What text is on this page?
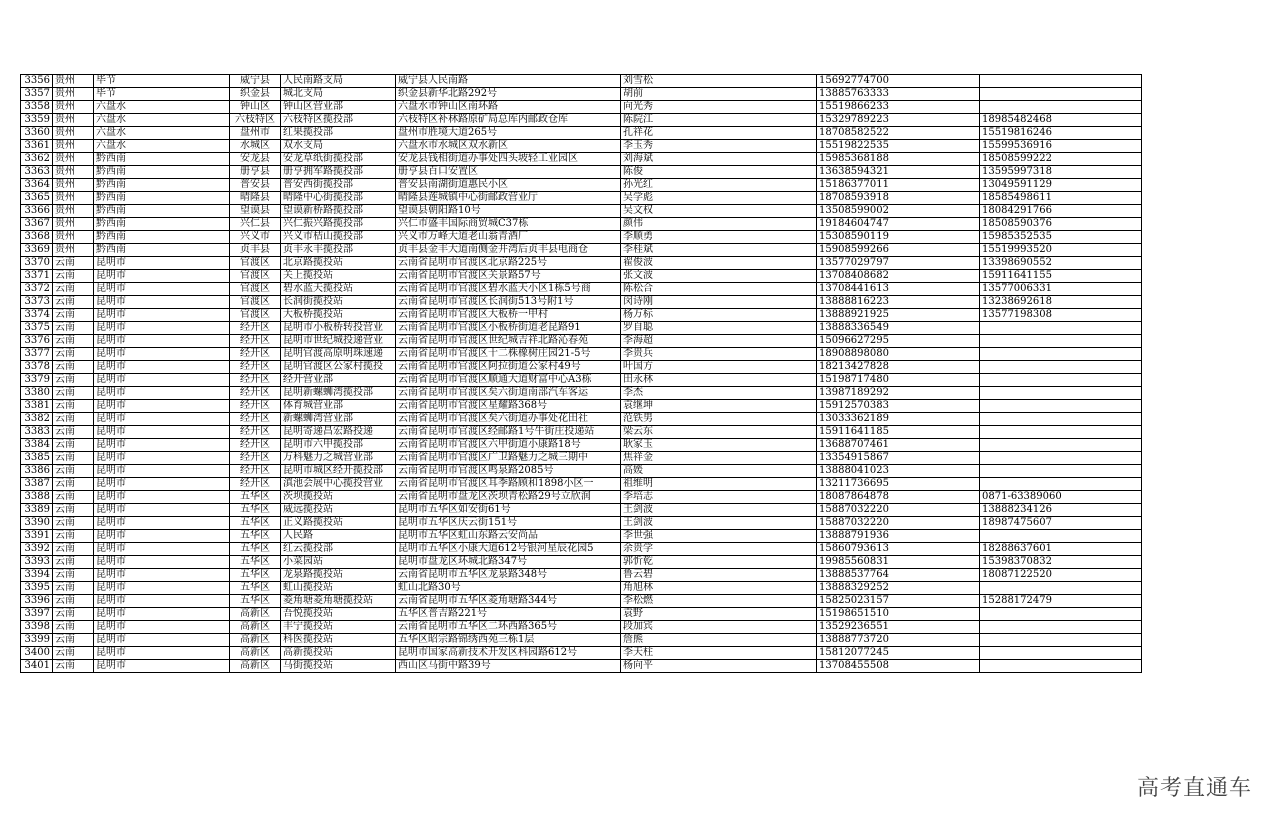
3356	贵州	毕节	威宁县	人民南路支局	威宁县人民南路	刘雪松	15692774700	
3357	贵州	毕节	织金县	城北支局	织金县新华北路292号	胡前	13885763333	
3358	贵州	六盘水	钟山区	钟山区营业部	六盘水市钟山区南环路	向光秀	15519866233	
3359	贵州	六盘水	六枝特区	六枝特区揽投部	六枝特区补林路原矿局总库内邮政仓库	陈院江	15329789223	18985482468
3360	贵州	六盘水	盘州市	红果揽投部	盘州市胜境大道265号	孔祥花	18708582522	15519816246
3361	贵州	六盘水	水城区	双水支局	六盘水市水城区双水新区	李玉秀	15519822535	15599536916
3362	贵州	黔西南	安龙县	安龙草纸街揽投部	安龙县钱相街道办事处四头坡轻工业园区	刘海斌	15985368188	18508599222
3363	贵州	黔西南	册亨县	册亨拥军路揽投部	册亨县百口安置区	陈俊	13638594321	13595997318
3364	贵州	黔西南	普安县	普安西街揽投部	普安县南湖街道惠民小区	孙光红	15186377011	13049591129
3365	贵州	黔西南	晴隆县	晴隆中心街揽投部	晴隆县莲城镇中心街邮政营业厅	吴学彪	18708593918	18585498611
3366	贵州	黔西南	望谟县	望谟新桥路揽投部	望谟县朝阳路10号	吴文权	13508599002	18084291766
3367	贵州	黔西南	兴仁县	兴仁振兴路揽投部	兴仁市盛丰国际商贸城C37栋	颜伟	19184604747	18508590376
3368	贵州	黔西南	兴义市	兴义市桔山揽投部	兴义市万峰大道老山翁青酒厂	李顺勇	15308590119	15985352535
3369	贵州	黔西南	贞丰县	贞丰永丰揽投部	贞丰县金丰大道南侧金井湾后贞丰县电商仓	李桂斌	15908599266	15519993520
3370	云南	昆明市	官渡区	北京路揽投站	云南省昆明市官渡区北京路225号	翟俊波	13577029797	13398690552
3371	云南	昆明市	官渡区	关上揽投站	云南省昆明市官渡区关景路57号	张文波	13708408682	15911641155
3372	云南	昆明市	官渡区	碧水蓝天揽投站	云南省昆明市官渡区碧水蓝天小区1栋5号商	陈松合	13708441613	13577006331
3373	云南	昆明市	官渡区	长润街揽投站	云南省昆明市官渡区长润街513号附1号	闵诗刚	13888816223	13238692618
3374	云南	昆明市	官渡区	大板桥揽投站	云南省昆明市官渡区大板桥一甲村	杨万标	13888921925	13577198308
3375	云南	昆明市	经开区	昆明市小板桥转投营业	云南省昆明市官渡区小板桥街道老昆路91	罗自聪	13888336549	
3376	云南	昆明市	经开区	昆明市世纪城投递营业	云南省昆明市官渡区世纪城吉祥北路沁春苑	李海超	15096627295	
3377	云南	昆明市	经开区	昆明官渡高原明珠速递	云南省昆明市官渡区十二株橡树庄园21-5号	李贵兵	18908898080	
3378	云南	昆明市	经开区	昆明官渡区公家村揽投	云南省昆明市官渡区阿拉街道公家村49号	叶国方	18213427828	
3379	云南	昆明市	经开区	经开营业部	云南省昆明市官渡区顺通大道财富中心A3栋	田永林	15198717480	
3380	云南	昆明市	经开区	昆明新螺蛳湾揽投部	云南省昆明市官渡区矣六街道南部汽车客运	李杰	13987189292	
3381	云南	昆明市	经开区	体育城营业部	云南省昆明市官渡区星耀路368号	袁继坤	15912570383	
3382	云南	昆明市	经开区	新螺蛳湾营业部	云南省昆明市官渡区矣六街道办事处花田社	范铁男	13033362189	
3383	云南	昆明市	经开区	昆明寄递昌宏路投递	云南省昆明市官渡区经邮路1号牛街庄投递站	梁云东	15911641185	
3384	云南	昆明市	经开区	昆明市六甲揽投部	云南省昆明市官渡区六甲街道小康路18号	耿家玉	13688707461	
3385	云南	昆明市	经开区	万科魅力之城营业部	云南省昆明市官渡区广卫路魅力之城三期中	焦祥金	13354915867	
3386	云南	昆明市	经开区	昆明市城区经开揽投部	云南省昆明市官渡区鸣泉路2085号	高媛	13888041023	
3387	云南	昆明市	经开区	滇池会展中心揽投营业	云南省昆明市官渡区耳季路顾和1898小区一	祖维明	13211736695	
3388	云南	昆明市	五华区	茨坝揽投站	云南省昆明市盘龙区茨坝青松路29号立欣润	李培志	18087864878	0871-63389060
3389	云南	昆明市	五华区	威远揽投站	昆明市五华区如安街61号	王剑波	15887032220	13888234126
3390	云南	昆明市	五华区	正义路揽投站	昆明市五华区庆云街151号	王剑波	15887032220	18987475607
3391	云南	昆明市	五华区	人民路	昆明市五华区虹山东路云安尚品	李世强	13888791936	
3392	云南	昆明市	五华区	红云揽投部	昆明市五华区小康大道612号银河星辰花园5	余贵学	15860793613	18288637601
3393	云南	昆明市	五华区	小菜园站	昆明市盘龙区环城北路347号	郭忻乾	19985560831	15398370832
3394	云南	昆明市	五华区	龙泉路揽投站	云南省昆明市五华区龙泉路348号	鲁云碧	13888537764	18087122520
3395	云南	昆明市	五华区	虹山揽投站	虹山北路30号	角旭林	13888329252	
3396	云南	昆明市	五华区	菱角塘菱角塘揽投站	云南省昆明市五华区菱角塘路344号	李松燃	15825023157	15288172479
3397	云南	昆明市	高新区	吾悦揽投站	五华区普吉路221号	袁野	15198651510	
3398	云南	昆明市	高新区	丰宁揽投站	云南省昆明市五华区二环西路365号	段加宾	13529236551	
3399	云南	昆明市	高新区	科医揽投站	五华区昭宗路锦绣西苑三栋1层	詹熊	13888773720	
3400	云南	昆明市	高新区	高新揽投站	昆明市国家高新技术开发区科园路612号	李天柱	15812077245	
3401	云南	昆明市	高新区	马街揽投站	西山区马街中路39号	杨向平	13708455508	
高考直通车
